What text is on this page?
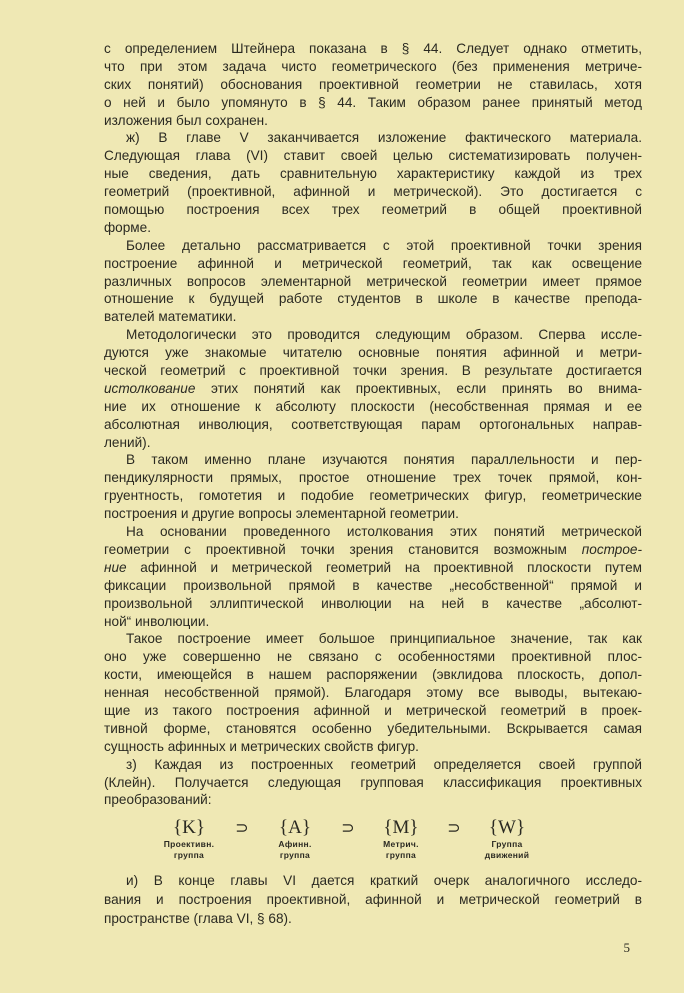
с определением Штейнера показана в § 44. Следует однако отметить,
что при этом задача чисто геометрического (без применения метриче-
ских понятий) обоснования проективной геометрии не ставилась, хотя
о ней и было упомянуто в § 44. Таким образом ранее принятый метод
изложения был сохранен.
ж) В главе V заканчивается изложение фактического материала.
Следующая глава (VI) ставит своей целью систематизировать получен-
ные сведения, дать сравнительную характеристику каждой из трех
геометрий (проективной, афинной и метрической). Это достигается с
помощью построения всех трех геометрий в общей проективной
форме.
Более детально рассматривается с этой проективной точки зрения
построение афинной и метрической геометрий, так как освещение
различных вопросов элементарной метрической геометрии имеет прямое
отношение к будущей работе студентов в школе в качестве препода-
вателей математики.
Методологически это проводится следующим образом. Сперва иссле-
дуются уже знакомые читателю основные понятия афинной и метри-
ческой геометрий с проективной точки зрения. В результате достигается
истолкование этих понятий как проективных, если принять во внима-
ние их отношение к абсолюту плоскости (несобственная прямая и ее
абсолютная инволюция, соответствующая парам ортогональных направ-
лений).
В таком именно плане изучаются понятия параллельности и пер-
пендикулярности прямых, простое отношение трех точек прямой, кон-
груентность, гомотетия и подобие геометрических фигур, геометрические
построения и другие вопросы элементарной геометрии.
На основании проведенного истолкования этих понятий метрической
геометрии с проективной точки зрения становится возможным построе-
ние афинной и метрической геометрий на проективной плоскости путем
фиксации произвольной прямой в качестве „несобственной“ прямой и
произвольной эллиптической инволюции на ней в качестве „абсолют-
ной“ инволюции.
Такое построение имеет большое принципиальное значение, так как
оно уже совершенно не связано с особенностями проективной плос-
кости, имеющейся в нашем распоряжении (эвклидова плоскость, допол-
ненная несобственной прямой). Благодаря этому все выводы, вытекаю-
щие из такого построения афинной и метрической геометрий в проек-
тивной форме, становятся особенно убедительными. Вскрывается самая
сущность афинных и метрических свойств фигур.
з) Каждая из построенных геометрий определяется своей группой
(Клейн). Получается следующая групповая классификация проективных
преобразований:
{K}
Проективн.
группа
⊃	{A}
Афинн.
группа
⊃	{M}
Метрич.
группа
⊃	{W}
Группа
движений
и) В конце главы VI дается краткий очерк аналогичного исследо-
вания и построения проективной, афинной и метрической геометрий в
пространстве (глава VI, § 68).
5
